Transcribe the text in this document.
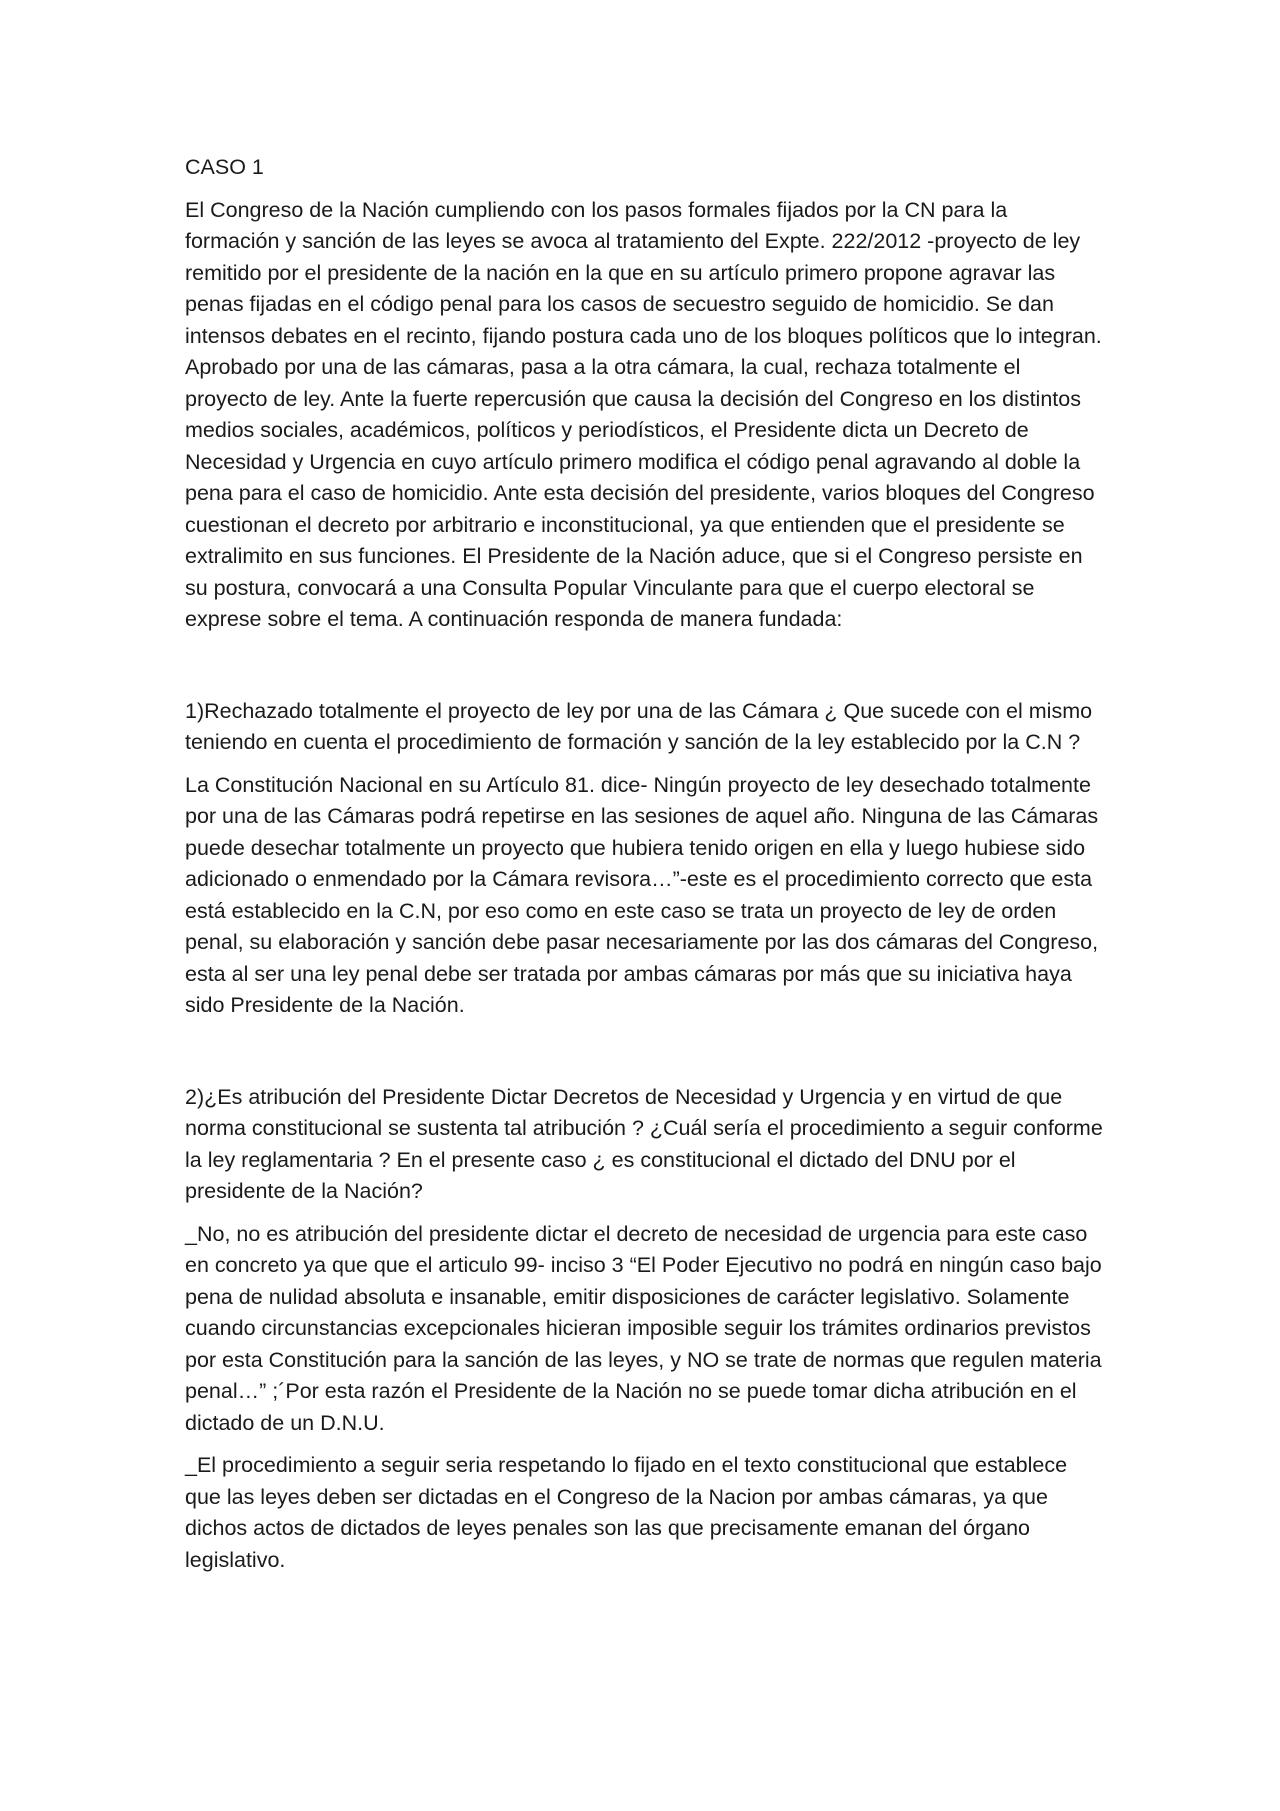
CASO 1

El Congreso de la Nación cumpliendo con los pasos formales fijados por la CN para la formación y sanción de las leyes se avoca al tratamiento del Expte. 222/2012 -proyecto de ley remitido por el presidente de la nación en la que en su artículo primero propone agravar las penas fijadas en el código penal para los casos de secuestro seguido de homicidio. Se dan intensos debates en el recinto, fijando postura cada uno de los bloques políticos que lo integran. Aprobado por una de las cámaras, pasa a la otra cámara, la cual, rechaza totalmente el proyecto de ley. Ante la fuerte repercusión que causa la decisión del Congreso en los distintos medios sociales, académicos, políticos y periodísticos, el Presidente dicta un Decreto de Necesidad y Urgencia en cuyo artículo primero modifica el código penal agravando al doble la pena para el caso de homicidio. Ante esta decisión del presidente, varios bloques del Congreso cuestionan el decreto por arbitrario e inconstitucional, ya que entienden que el presidente se extralimito en sus funciones. El Presidente de la Nación aduce, que si el Congreso persiste en su postura, convocará a una Consulta Popular Vinculante para que el cuerpo electoral se exprese sobre el tema. A continuación responda de manera fundada:

1)Rechazado totalmente el proyecto de ley por una de las Cámara ¿ Que sucede con el mismo teniendo en cuenta el procedimiento de formación y sanción de la ley establecido por la C.N ?

La Constitución Nacional en su Artículo 81. dice- Ningún proyecto de ley desechado totalmente por una de las Cámaras podrá repetirse en las sesiones de aquel año. Ninguna de las Cámaras puede desechar totalmente un proyecto que hubiera tenido origen en ella y luego hubiese sido adicionado o enmendado por la Cámara revisora…”-este es el procedimiento correcto que esta está establecido en la C.N, por eso como en este caso se trata un proyecto de ley de orden penal, su elaboración y sanción debe pasar necesariamente por las dos cámaras del Congreso, esta al ser una ley penal debe ser tratada por ambas cámaras por más que su iniciativa haya sido Presidente de la Nación.

2)¿Es atribución del Presidente Dictar Decretos de Necesidad y Urgencia y en virtud de que norma constitucional se sustenta tal atribución ? ¿Cuál sería el procedimiento a seguir conforme la ley reglamentaria ? En el presente caso ¿ es constitucional el dictado del DNU por el presidente de la Nación?

_No, no es atribución del presidente dictar el decreto de necesidad de urgencia para este caso en concreto ya que que el articulo 99- inciso 3 “El Poder Ejecutivo no podrá en ningún caso bajo pena de nulidad absoluta e insanable, emitir disposiciones de carácter legislativo. Solamente cuando circunstancias excepcionales hicieran imposible seguir los trámites ordinarios previstos por esta Constitución para la sanción de las leyes, y NO se trate de normas que regulen materia penal…” ;´Por esta razón el Presidente de la Nación no se puede tomar dicha atribución en el dictado de un D.N.U.

_El procedimiento a seguir seria respetando lo fijado en el texto constitucional que establece que las leyes deben ser dictadas en el Congreso de la Nacion por ambas cámaras, ya que dichos actos de dictados de leyes penales son las que precisamente emanan del órgano legislativo.
